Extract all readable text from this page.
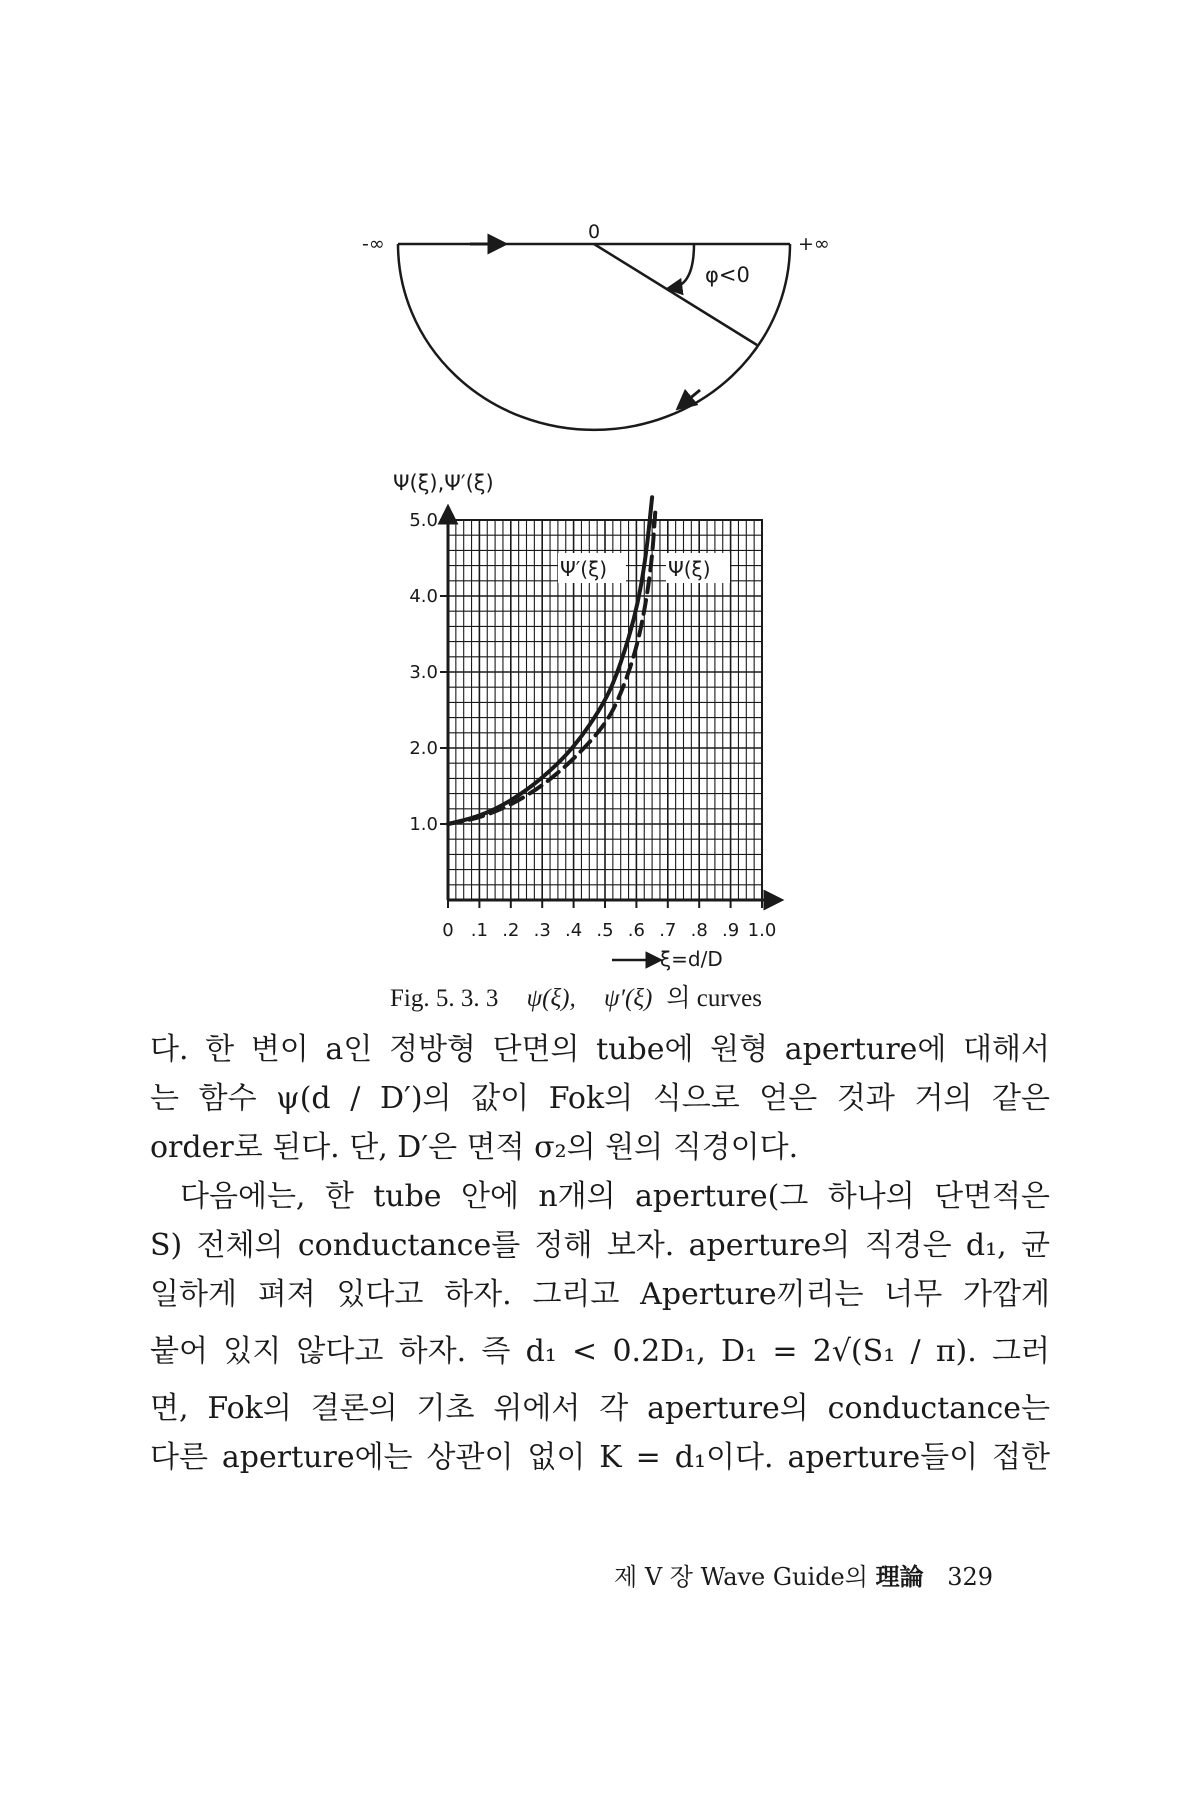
-∞
0
+∞
φ<0
0 .1 .2 .3 .4 .5 .6 .7 .8 .9 1.0
1.0
2.0
3.0
4.0
5.0
Ψ(ξ),Ψ′(ξ)
ξ=d/D
Ψ′(ξ)	Ψ(ξ)
Fig. 5. 3. 3 ψ(ξ), ψ′(ξ) 의 curves
다. 한 변이 a인 정방형 단면의 tube에 원형 aperture에 대해서
는 함수 ψ(d / D′)의 값이 Fok의 식으로 얻은 것과 거의 같은
order로 된다. 단, D′은 면적 σ₂의 원의 직경이다.
다음에는, 한 tube 안에 n개의 aperture(그 하나의 단면적은
S) 전체의 conductance를 정해 보자. aperture의 직경은 d₁, 균
일하게 펴져 있다고 하자. 그리고 Aperture끼리는 너무 가깝게
붙어 있지 않다고 하자. 즉 d₁ < 0.2D₁, D₁ = 2√(S₁ / π). 그러
면, Fok의 결론의 기초 위에서 각 aperture의 conductance는
다른 aperture에는 상관이 없이 K = d₁이다. aperture들이 접한
제 Ⅴ 장 Wave Guide의 理論 329
